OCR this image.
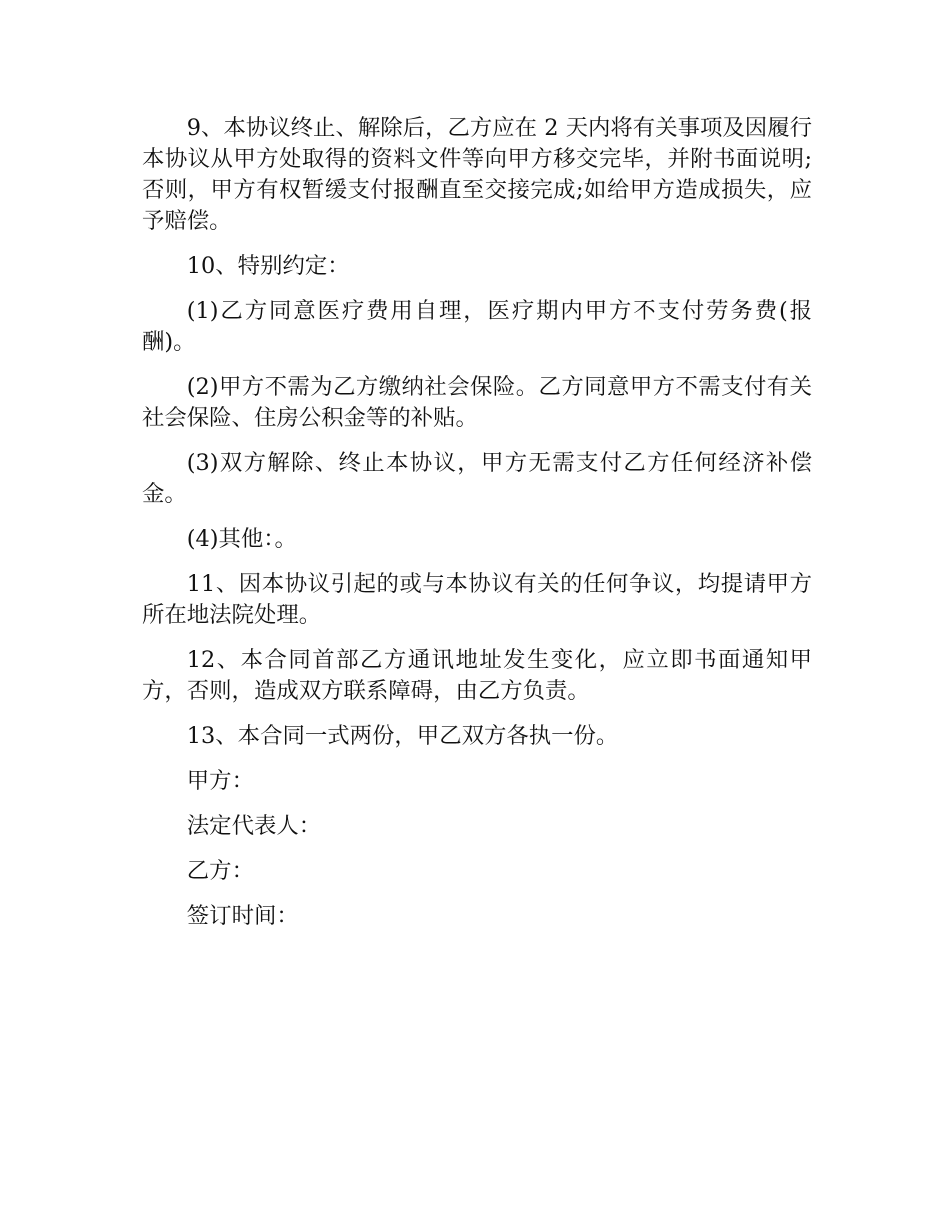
9、本协议终止、解除后，乙方应在 2 天内将有关事项及因履行本协议从甲方处取得的资料文件等向甲方移交完毕，并附书面说明;否则，甲方有权暂缓支付报酬直至交接完成;如给甲方造成损失，应予赔偿。

10、特别约定：

(1)乙方同意医疗费用自理，医疗期内甲方不支付劳务费(报酬)。

(2)甲方不需为乙方缴纳社会保险。乙方同意甲方不需支付有关社会保险、住房公积金等的补贴。

(3)双方解除、终止本协议，甲方无需支付乙方任何经济补偿金。

(4)其他：。

11、因本协议引起的或与本协议有关的任何争议，均提请甲方所在地法院处理。

12、本合同首部乙方通讯地址发生变化，应立即书面通知甲方，否则，造成双方联系障碍，由乙方负责。

13、本合同一式两份，甲乙双方各执一份。

甲方：

法定代表人：

乙方：

签订时间：
